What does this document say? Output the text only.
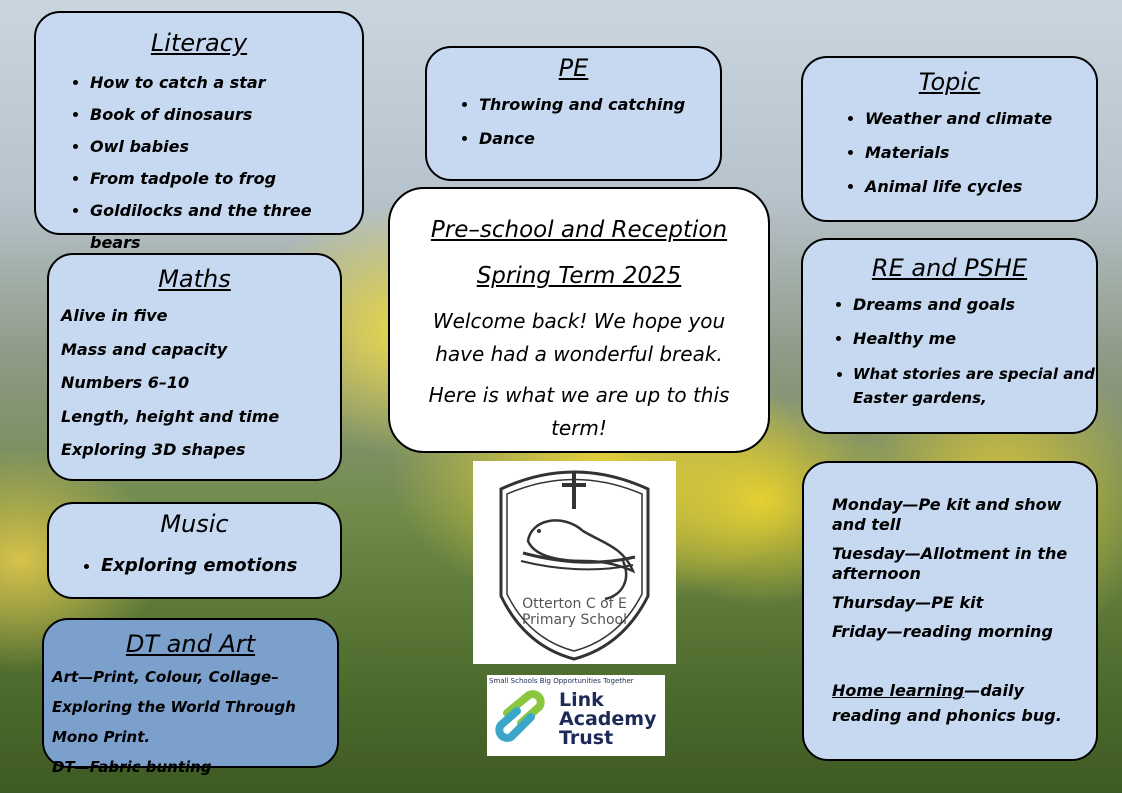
Literacy
• How to catch a star
• Book of dinosaurs
• Owl babies
• From tadpole to frog
• Goldilocks and the three bears
PE
• Throwing and catching
• Dance
Topic
• Weather and climate
• Materials
• Animal life cycles
Maths
Alive in five
Mass and capacity
Numbers 6–10
Length, height and time
Exploring 3D shapes
Pre–school and Reception
Spring Term 2025
Welcome back! We hope you have had a wonderful break.
Here is what we are up to this term!
RE and PSHE
• Dreams and goals
• Healthy me
• What stories are special and Easter gardens,
Music
• Exploring emotions
DT and Art
Art—Print, Colour, Collage– Exploring the World Through Mono Print.
DT—Fabric bunting
Monday—Pe kit and show and tell
Tuesday—Allotment in the afternoon
Thursday—PE kit
Friday—reading morning
Home learning—daily reading and phonics bug.
Otterton C of E
Primary School
Small Schools Big Opportunities Together
Link
Academy
Trust
